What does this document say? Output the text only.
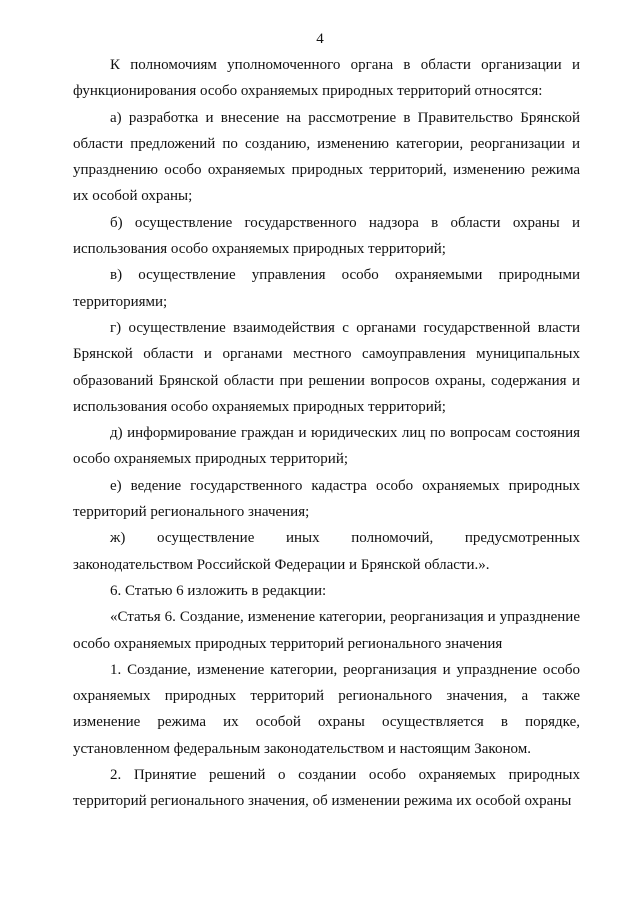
4

К полномочиям уполномоченного органа в области организации и функционирования особо охраняемых природных территорий относятся:

а) разработка и внесение на рассмотрение в Правительство Брянской области предложений по созданию, изменению категории, реорганизации и упразднению особо охраняемых природных территорий, изменению режима их особой охраны;

б) осуществление государственного надзора в области охраны и использования особо охраняемых природных территорий;

в) осуществление управления особо охраняемыми природными территориями;

г) осуществление взаимодействия с органами государственной власти Брянской области и органами местного самоуправления муниципальных образований Брянской области при решении вопросов охраны, содержания и использования особо охраняемых природных территорий;

д) информирование граждан и юридических лиц по вопросам состояния особо охраняемых природных территорий;

е) ведение государственного кадастра особо охраняемых природных территорий регионального значения;

ж) осуществление иных полномочий, предусмотренных законодательством Российской Федерации и Брянской области.».

6. Статью 6 изложить в редакции:

«Статья 6. Создание, изменение категории, реорганизация и упразднение особо охраняемых природных территорий регионального значения

1. Создание, изменение категории, реорганизация и упразднение особо охраняемых природных территорий регионального значения, а также изменение режима их особой охраны осуществляется в порядке, установленном федеральным законодательством и настоящим Законом.

2. Принятие решений о создании особо охраняемых природных территорий регионального значения, об изменении режима их особой охраны
